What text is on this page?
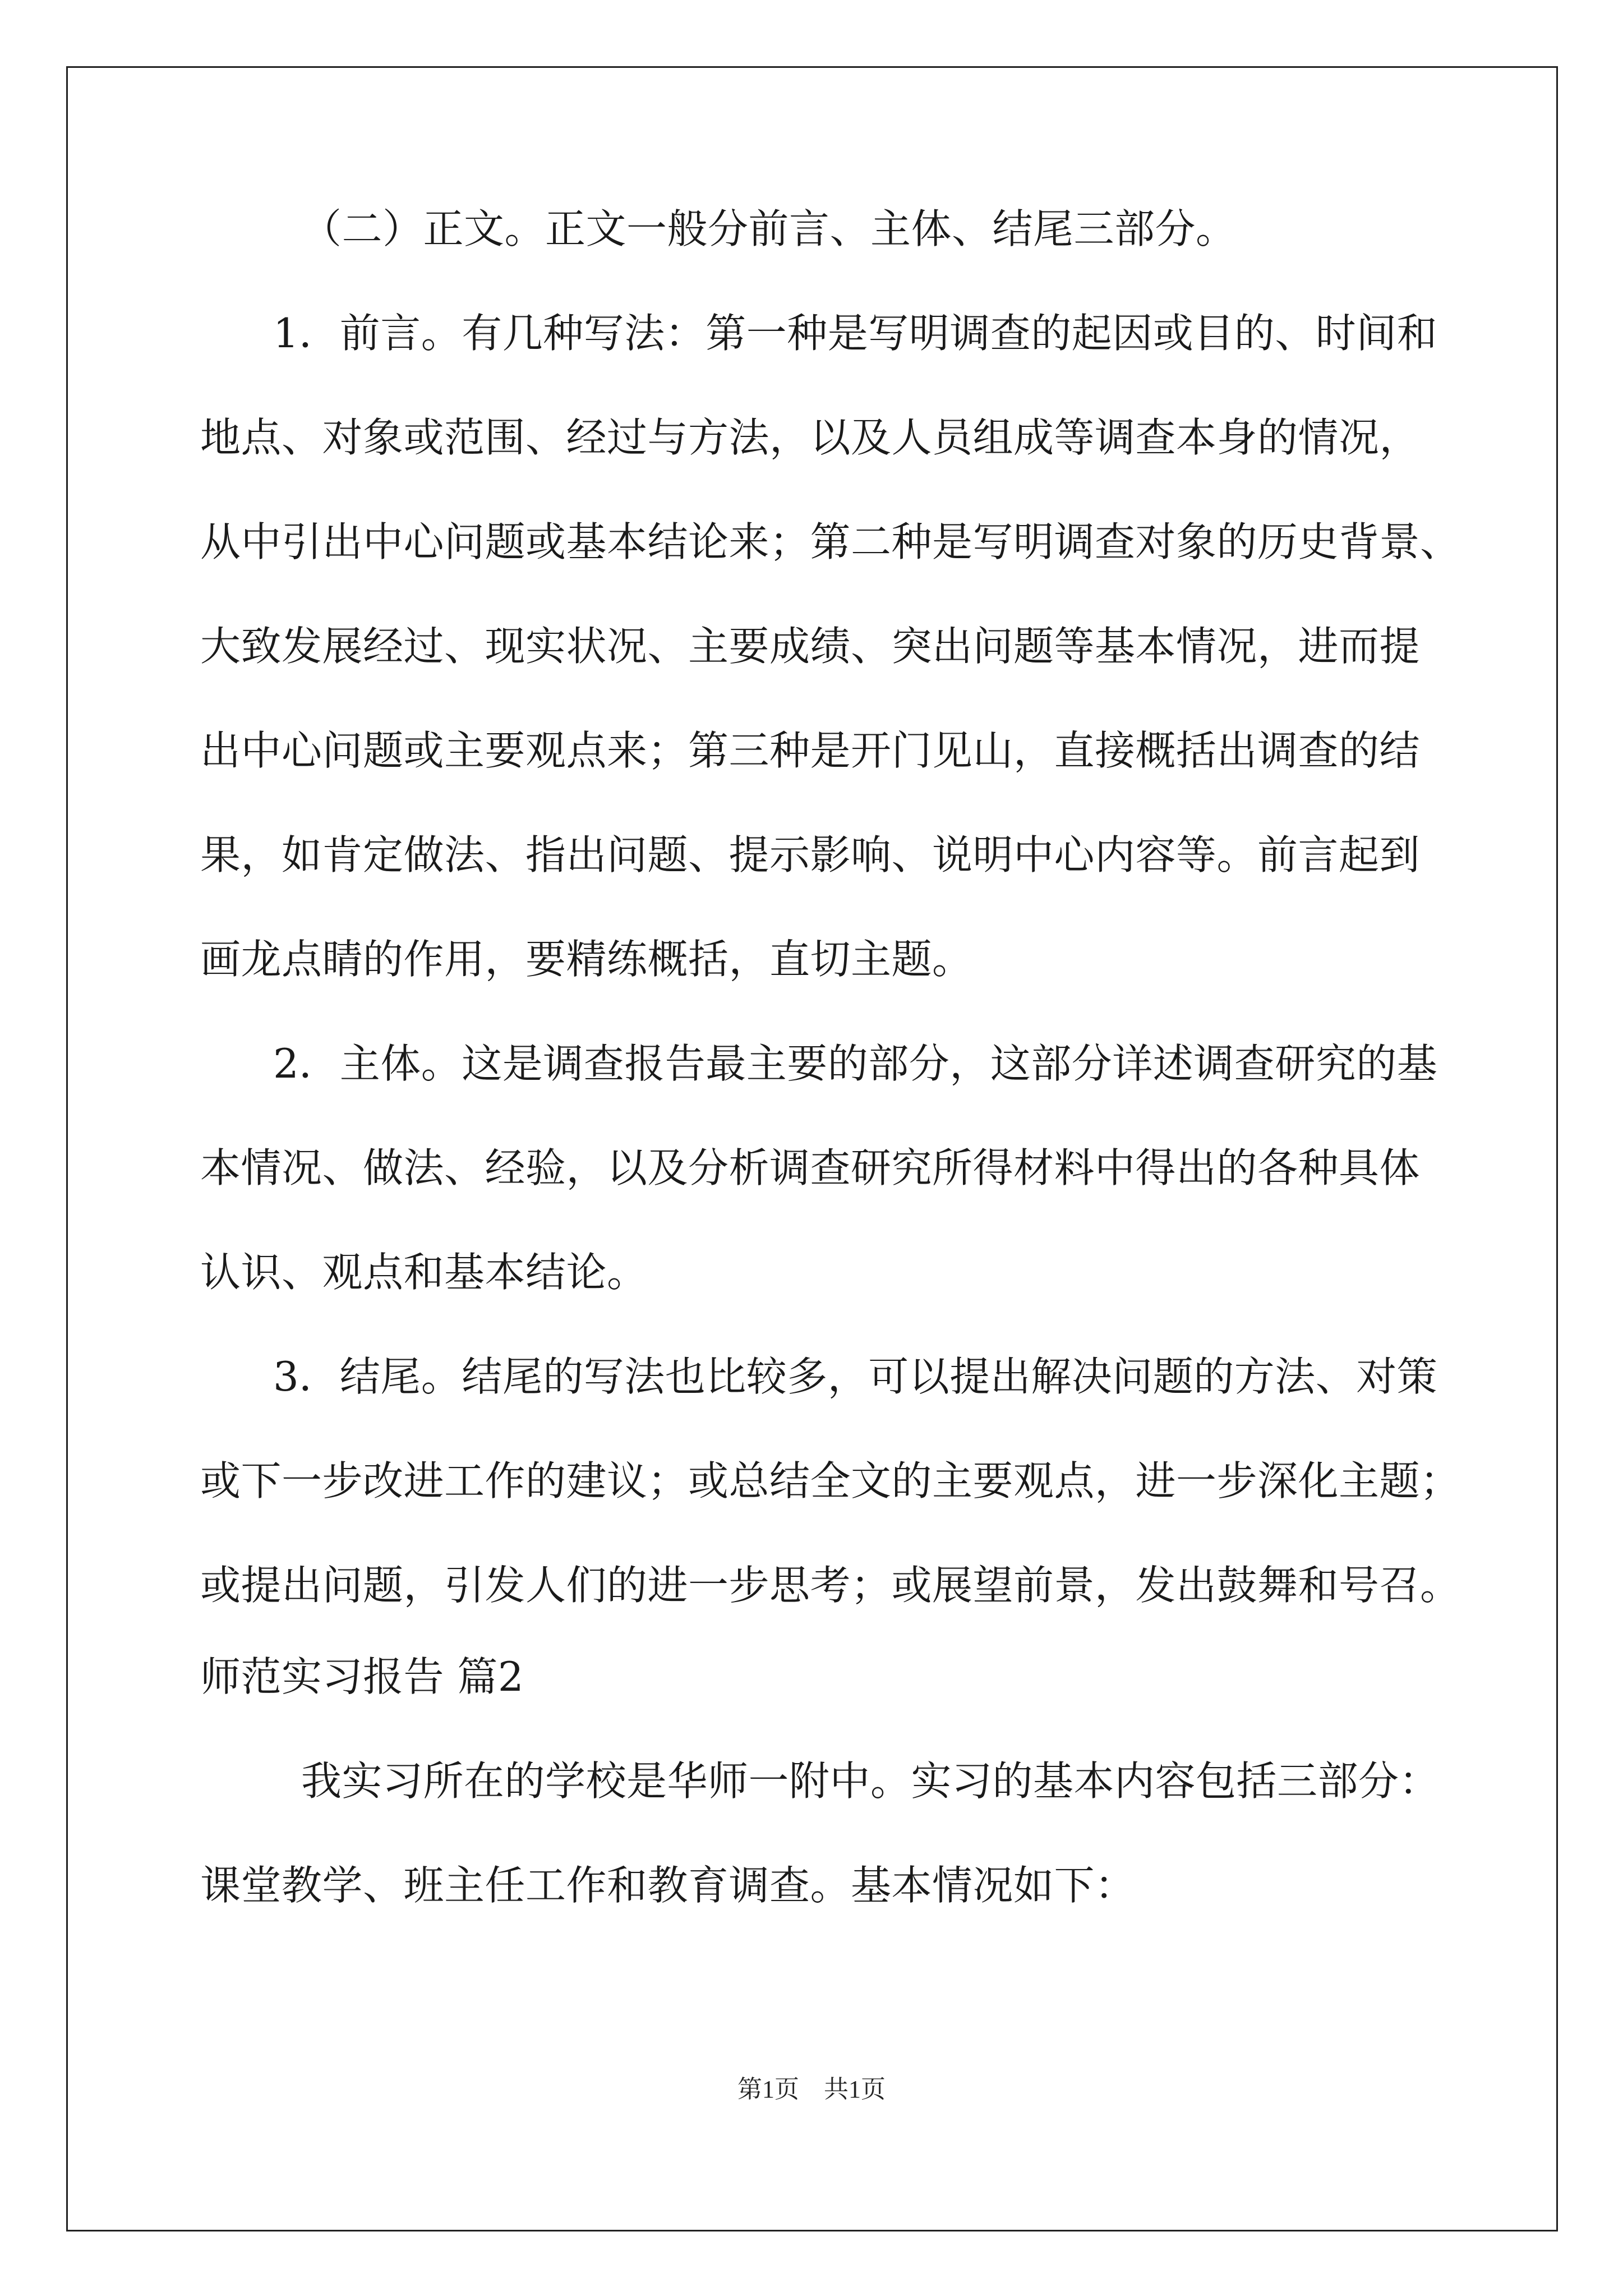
（二）正文。正文一般分前言、主体、结尾三部分。

1．前言。有几种写法：第一种是写明调查的起因或目的、时间和

地点、对象或范围、经过与方法，以及人员组成等调查本身的情况，

从中引出中心问题或基本结论来；第二种是写明调查对象的历史背景、

大致发展经过、现实状况、主要成绩、突出问题等基本情况，进而提

出中心问题或主要观点来；第三种是开门见山，直接概括出调查的结

果，如肯定做法、指出问题、提示影响、说明中心内容等。前言起到

画龙点睛的作用，要精练概括，直切主题。

2．主体。这是调查报告最主要的部分，这部分详述调查研究的基

本情况、做法、经验，以及分析调查研究所得材料中得出的各种具体

认识、观点和基本结论。

3．结尾。结尾的写法也比较多，可以提出解决问题的方法、对策

或下一步改进工作的建议；或总结全文的主要观点，进一步深化主题；

或提出问题，引发人们的进一步思考；或展望前景，发出鼓舞和号召。

师范实习报告 篇2

我实习所在的学校是华师一附中。实习的基本内容包括三部分：

课堂教学、班主任工作和教育调查。基本情况如下：

第1页　共1页
